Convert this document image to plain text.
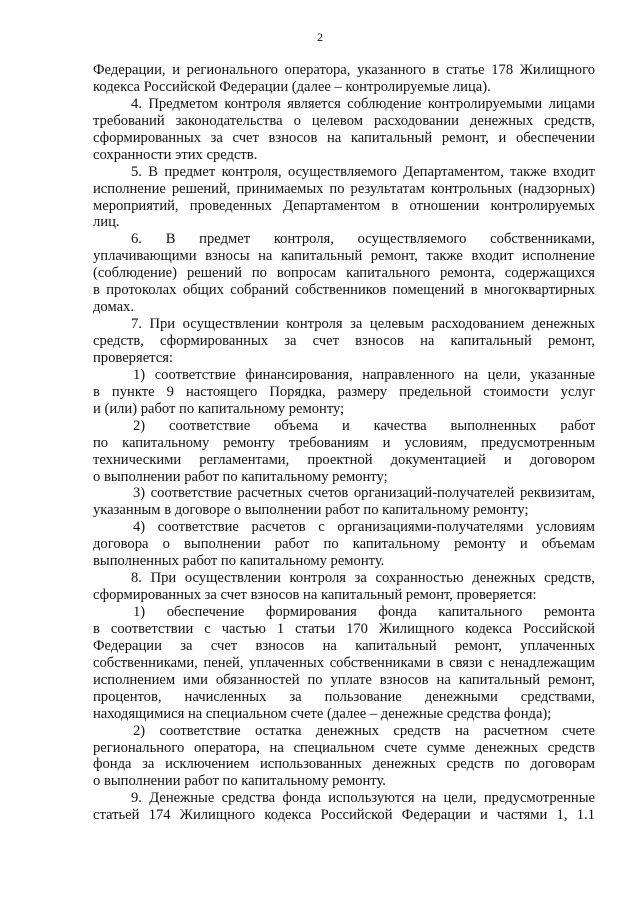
2
Федерации, и регионального оператора, указанного в статье 178 Жилищного
кодекса Российской Федерации (далее – контролируемые лица).
4. Предметом контроля является соблюдение контролируемыми лицами
требований законодательства о целевом расходовании денежных средств,
сформированных за счет взносов на капитальный ремонт, и обеспечении
сохранности этих средств.
5. В предмет контроля, осуществляемого Департаментом, также входит
исполнение решений, принимаемых по результатам контрольных (надзорных)
мероприятий, проведенных Департаментом в отношении контролируемых
лиц.
6. В предмет контроля, осуществляемого собственниками,
уплачивающими взносы на капитальный ремонт, также входит исполнение
(соблюдение) решений по вопросам капитального ремонта, содержащихся
в протоколах общих собраний собственников помещений в многоквартирных
домах.
7. При осуществлении контроля за целевым расходованием денежных
средств, сформированных за счет взносов на капитальный ремонт,
проверяется:
1) соответствие финансирования, направленного на цели, указанные
в пункте 9 настоящего Порядка, размеру предельной стоимости услуг
и (или) работ по капитальному ремонту;
2) соответствие объема и качества выполненных работ
по капитальному ремонту требованиям и условиям, предусмотренным
техническими регламентами, проектной документацией и договором
о выполнении работ по капитальному ремонту;
3) соответствие расчетных счетов организаций-получателей реквизитам,
указанным в договоре о выполнении работ по капитальному ремонту;
4) соответствие расчетов с организациями-получателями условиям
договора о выполнении работ по капитальному ремонту и объемам
выполненных работ по капитальному ремонту.
8. При осуществлении контроля за сохранностью денежных средств,
сформированных за счет взносов на капитальный ремонт, проверяется:
1) обеспечение формирования фонда капитального ремонта
в соответствии с частью 1 статьи 170 Жилищного кодекса Российской
Федерации за счет взносов на капитальный ремонт, уплаченных
собственниками, пеней, уплаченных собственниками в связи с ненадлежащим
исполнением ими обязанностей по уплате взносов на капитальный ремонт,
процентов, начисленных за пользование денежными средствами,
находящимися на специальном счете (далее – денежные средства фонда);
2) соответствие остатка денежных средств на расчетном счете
регионального оператора, на специальном счете сумме денежных средств
фонда за исключением использованных денежных средств по договорам
о выполнении работ по капитальному ремонту.
9. Денежные средства фонда используются на цели, предусмотренные
статьей 174 Жилищного кодекса Российской Федерации и частями 1, 1.1
